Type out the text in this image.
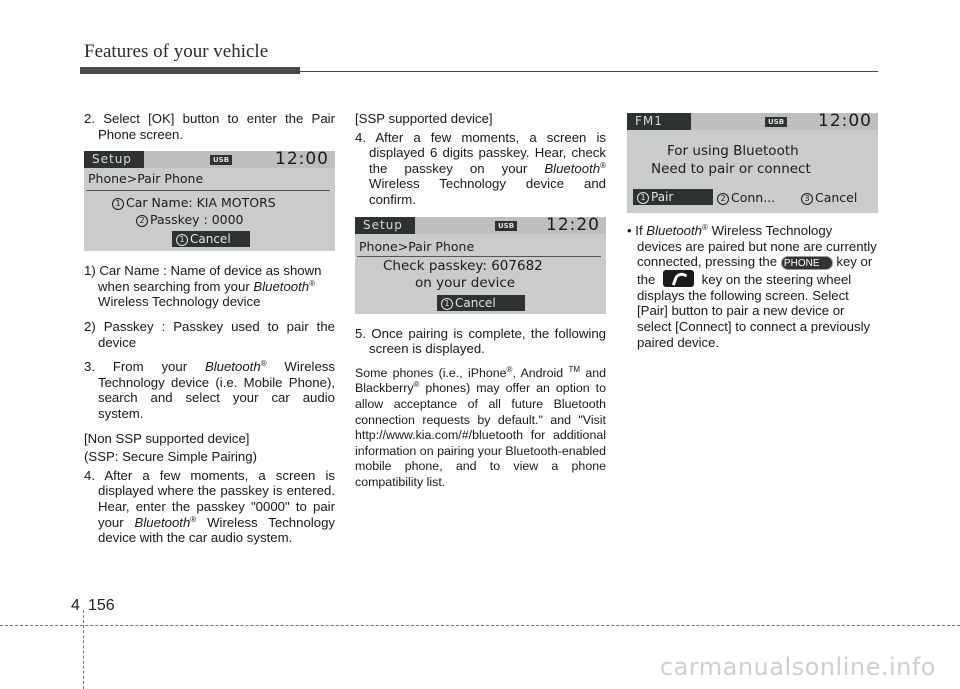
Features of your vehicle
2. Select [OK] button to enter the Pair Phone screen.
Setup	USB	12:00
Phone>Pair Phone
1 Car Name: KIA MOTORS
2 Passkey : 0000
1 Cancel
1) Car Name : Name of device as shown when searching from your Bluetooth® Wireless Technology device
2) Passkey : Passkey used to pair the device
3. From your Bluetooth® Wireless Technology device (i.e. Mobile Phone), search and select your car audio system.
[Non SSP supported device]
(SSP: Secure Simple Pairing)
4. After a few moments, a screen is displayed where the passkey is entered. Hear, enter the passkey "0000" to pair your Bluetooth® Wireless Technology device with the car audio system.
[SSP supported device]
4. After a few moments, a screen is displayed 6 digits passkey. Hear, check the passkey on your Bluetooth® Wireless Technology device and confirm.
Setup	USB 12:20
Phone>Pair Phone
Check passkey: 607682
on your device
1 Cancel
5. Once pairing is complete, the following screen is displayed.
Some phones (i.e., iPhone®, Android ™ and Blackberry® phones) may offer an option to allow acceptance of all future Bluetooth connection requests by default." and "Visit http://www.kia.com/#/bluetooth for additional information on pairing your Bluetooth-enabled mobile phone, and to view a phone compatibility list.
FM1	USB 12:00
For using Bluetooth
Need to pair or connect
1 Pair	2 Conn...	3 Cancel
• If Bluetooth® Wireless Technology devices are paired but none are currently connected, pressing the PHONE key or the	key on the steering wheel displays the following screen. Select [Pair] button to pair a new device or select [Connect] to connect a previously paired device.
4 156
carmanualsonline.info
